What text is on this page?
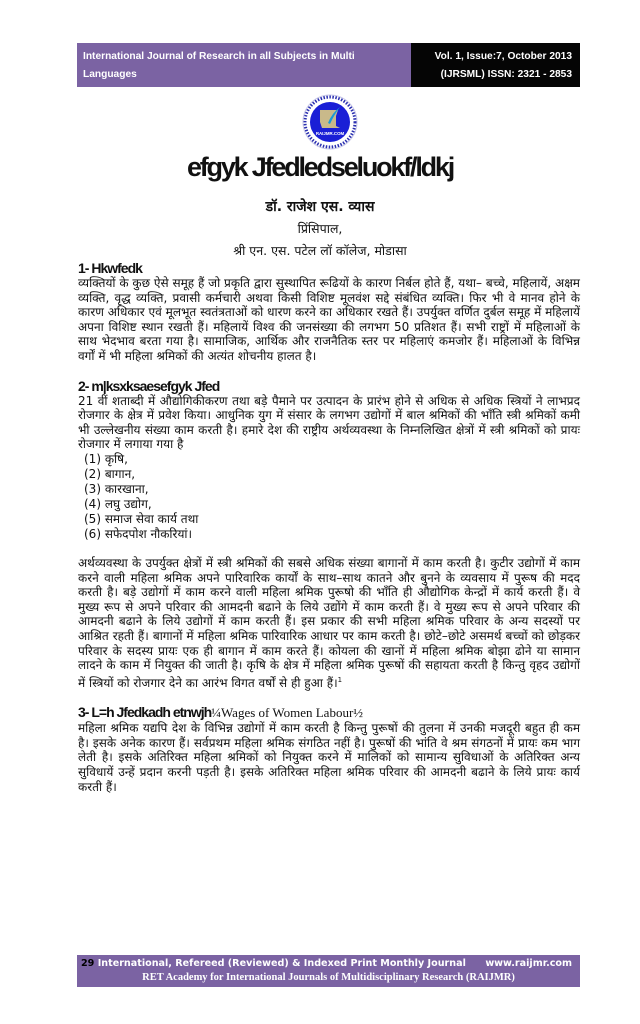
International Journal of Research in all Subjects in Multi Languages
[Author: Dr. Rajesh S. Vyas] [Subject: Law]
Vol. 1, Issue:7, October 2013
(IJRSML) ISSN: 2321 - 2853
RAIJMR.COM
efgyk Jfedledseluokf/ldkj
डॉ. राजेश एस. व्यास
प्रिंसिपाल,
श्री एन. एस. पटेल लॉ कॉलेज, मोडासा
1- Hkwfedk

व्यक्तियों के कुछ ऐसे समूह हैं जो प्रकृति द्वारा सुस्थापित रूढियों के कारण निर्बल होते हैं, यथा– बच्चे, महिलायें, अक्षम व्यक्ति, वृद्ध व्यक्ति, प्रवासी कर्मचारी अथवा किसी विशिष्ट मूलवंश सद्दे संबंधित व्यक्ति। फिर भी वे मानव होने के कारण अधिकार एवं मूलभूत स्वतंत्रताओं को धारण करने का अधिकार रखते हैं। उपर्युक्त वर्णित दुर्बल समूह में महिलायें अपना विशिष्ट स्थान रखती हैं। महिलायें विश्व की जनसंख्या की लगभग 50 प्रतिशत हैं। सभी राष्ट्रों में महिलाओं के साथ भेदभाव बरता गया है। सामाजिक, आर्थिक और राजनैतिक स्तर पर महिलाएं कमजोर हैं। महिलाओं के विभिन्न वर्गों में भी महिला श्रमिकों की अत्यंत शोचनीय हालत है।

2- m|ksxksaesefgyk Jfed

21 वीं शताब्दी में औद्योगिकीकरण तथा बड़े पैमाने पर उत्पादन के प्रारंभ होने से अधिक से अधिक स्त्रियों ने लाभप्रद रोजगार के क्षेत्र में प्रवेश किया। आधुनिक युग में संसार के लगभग उद्योगों में बाल श्रमिकों की भाँति स्त्री श्रमिकों कमी भी उल्लेखनीय संख्या काम करती है। हमारे देश की राष्ट्रीय अर्थव्यवस्था के निम्नलिखित क्षेत्रों में स्त्री श्रमिकों को प्रायः रोजगार में लगाया गया है

(1) कृषि,
(2) बागान,
(3) कारखाना,
(4) लघु उद्योग,
(5) समाज सेवा कार्य तथा
(6) सफेदपोश नौकरियां।

अर्थव्यवस्था के उपर्युक्त क्षेत्रों में स्त्री श्रमिकों की सबसे अधिक संख्या बागानों में काम करती है। कुटीर उद्योगों में काम करने वाली महिला श्रमिक अपने पारिवारिक कार्यों के साथ–साथ कातने और बुनने के व्यवसाय में पुरूष की मदद करती है। बड़े उद्योगों में काम करने वाली महिला श्रमिक पुरूषो की भाँति ही औद्योगिक केन्द्रों में कार्य करती हैं। वे मुख्य रूप से अपने परिवार की आमदनी बढाने के लिये उद्योंगे में काम करती हैं। वे मुख्य रूप से अपने परिवार की आमदनी बढाने के लिये उद्योगों में काम करती हैं। इस प्रकार की सभी महिला श्रमिक परिवार के अन्य सदस्यों पर आश्रित रहती हैं। बागानों में महिला श्रमिक पारिवारिक आधार पर काम करती है। छोटे–छोटे असमर्थ बच्चों को छोड़कर परिवार के सदस्य प्रायः एक ही बागान में काम करते हैं। कोयला की खानों में महिला श्रमिक बोझा ढोने या सामान लादने के काम में नियुक्त की जाती है। कृषि के क्षेत्र में महिला श्रमिक पुरूषों की सहायता करती है किन्तु वृहद उद्योगों में स्त्रियों को रोजगार देने का आरंभ विगत वर्षों से ही हुआ हैं।$^1$

3- L=h Jfedkadh etnwjh¼Wages of Women Labour½

महिला श्रमिक यद्यपि देश के विभिन्न उद्योगों में काम करती है किन्तु पुरूषों की तुलना में उनकी मजदूरी बहुत ही कम है। इसके अनेक कारण हैं। सर्वप्रथम महिला श्रमिक संगठित नहीं है। पुरूषों की भांति वे श्रम संगठनों में प्रायः कम भाग लेती है। इसके अतिरिक्त महिला श्रमिकों को नियुक्त करने में मालिकों को सामान्य सुविधाओं के अतिरिक्त अन्य सुविधायें उन्हें प्रदान करनी पड़ती है। इसके अतिरिक्त महिला श्रमिक परिवार की आमदनी बढाने के लिये प्रायः कार्य करती हैं।

29 International, Refereed (Reviewed) & Indexed Print Monthly Journal www.raijmr.com
RET Academy for International Journals of Multidisciplinary Research (RAIJMR)
